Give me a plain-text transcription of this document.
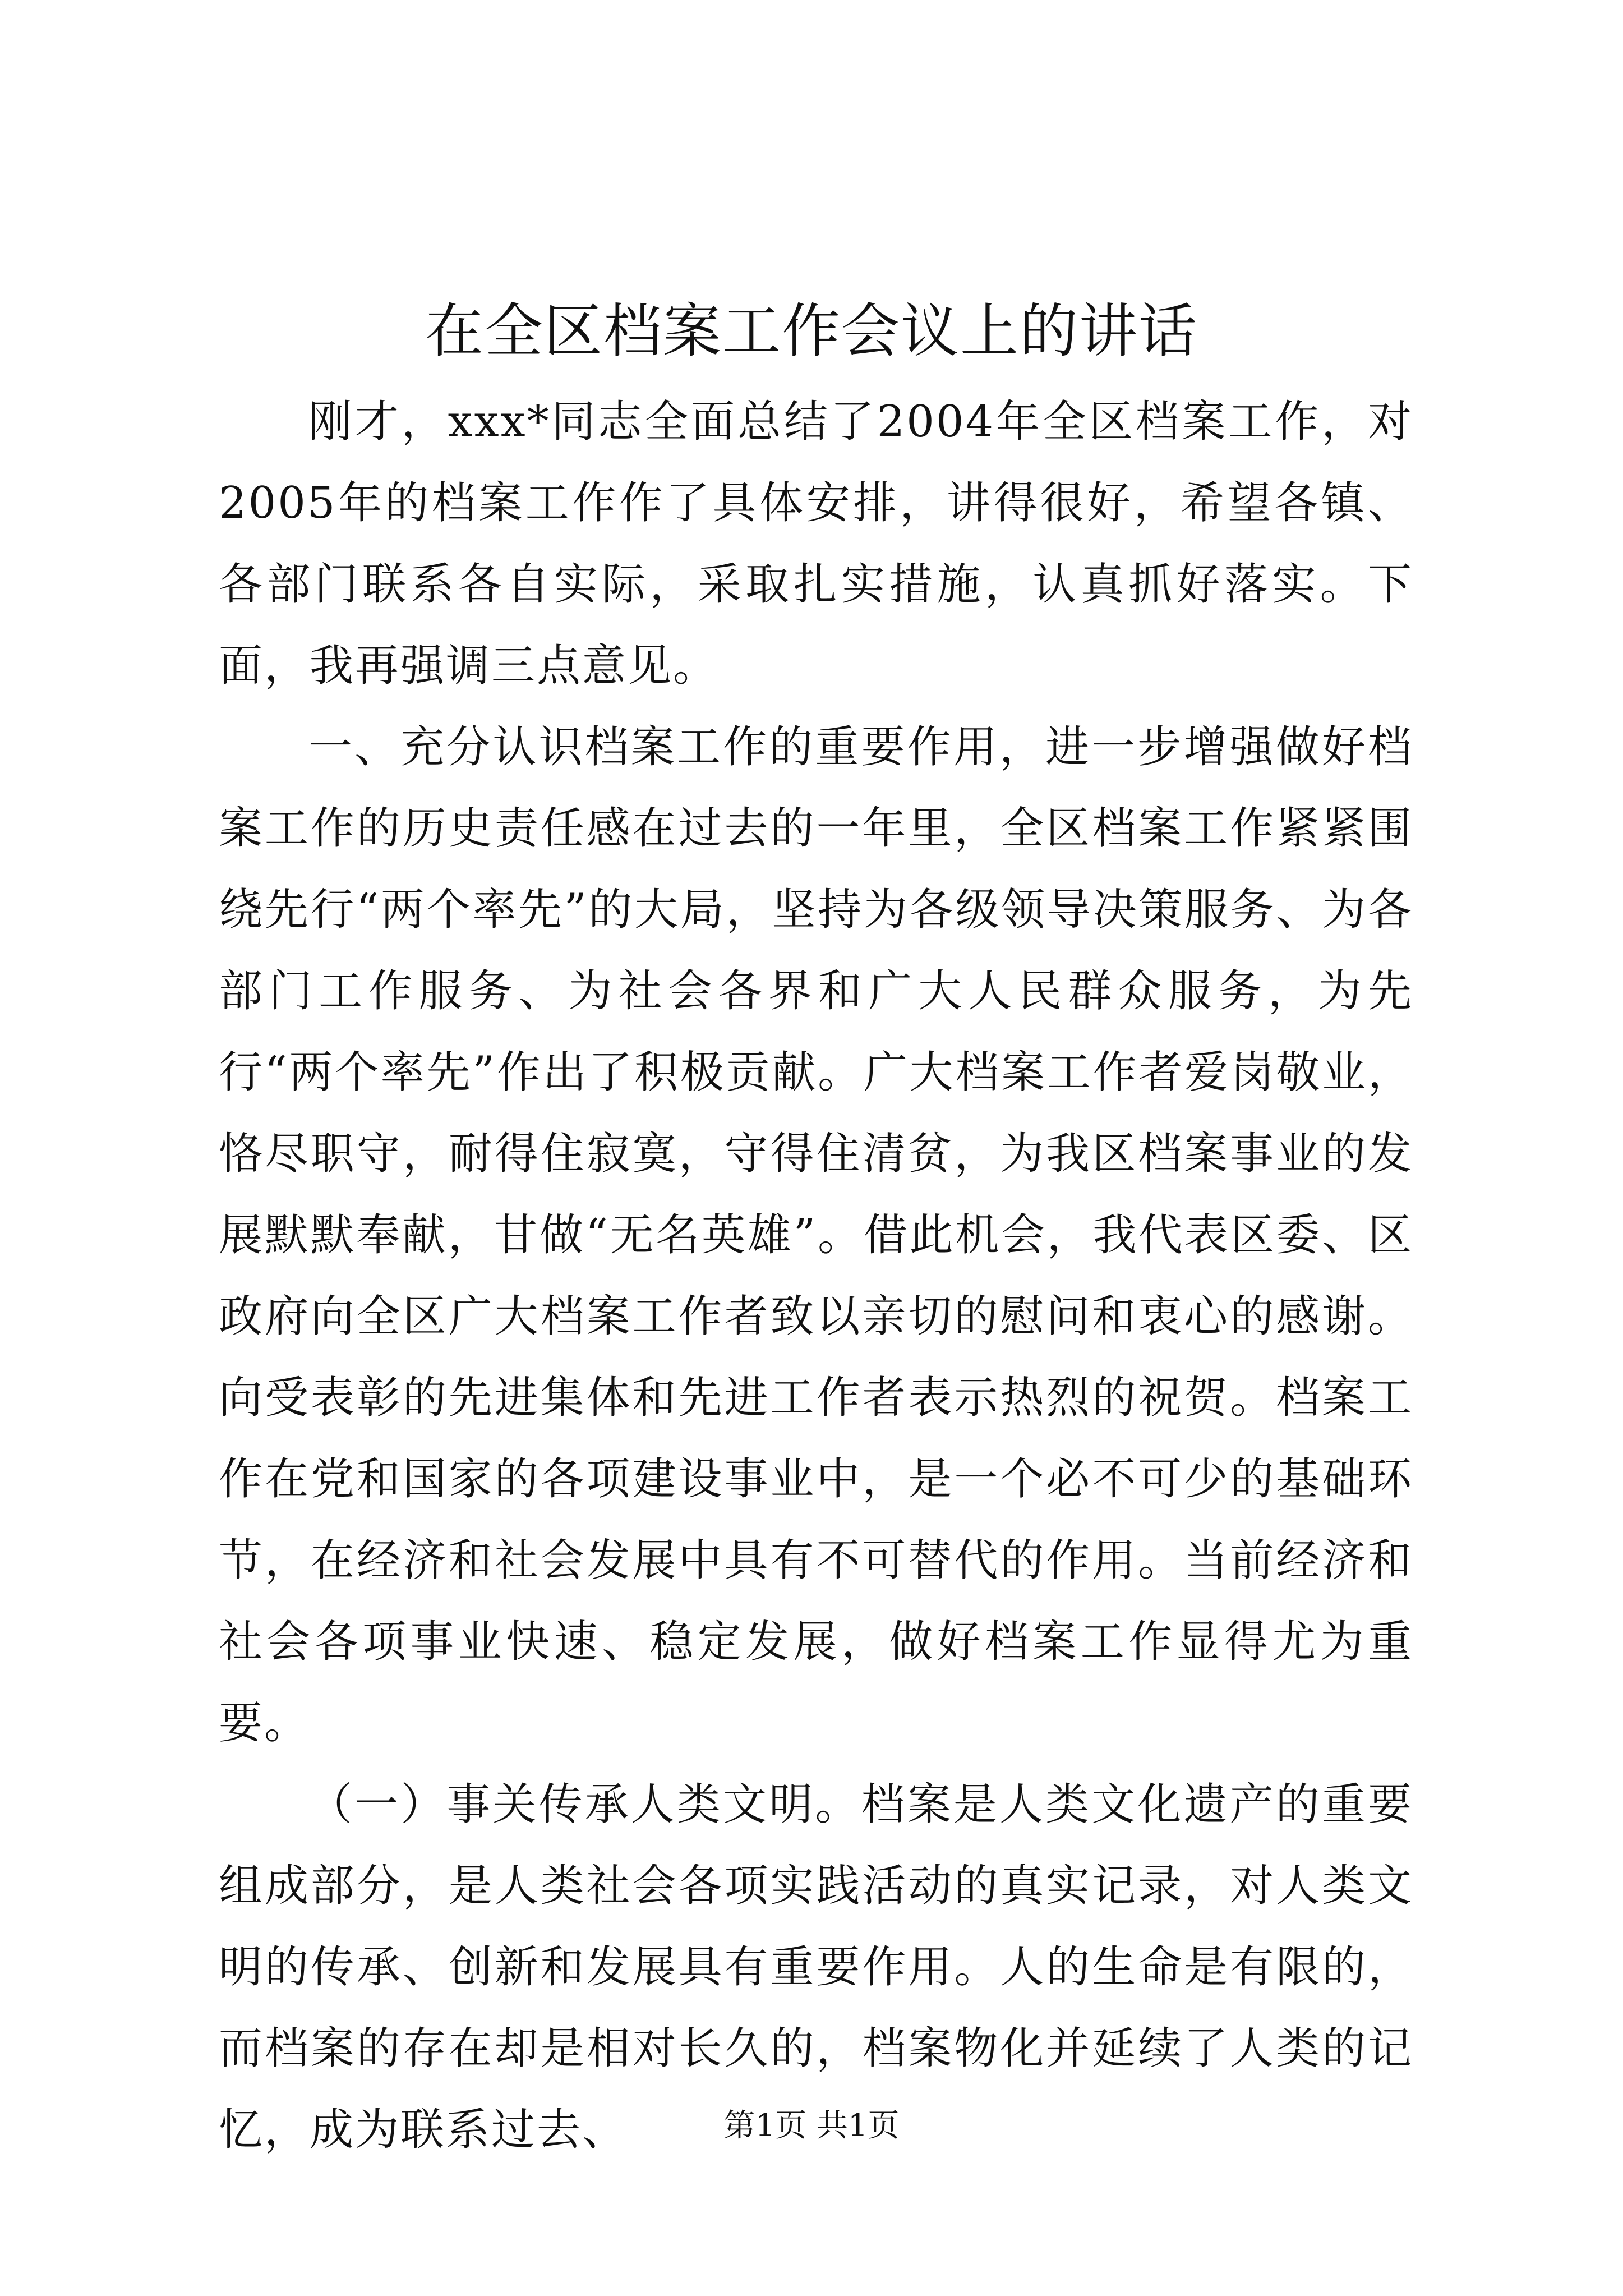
在全区档案工作会议上的讲话

刚才，xxx*同志全面总结了2004年全区档案工作，对2005年的档案工作作了具体安排，讲得很好，希望各镇、各部门联系各自实际，采取扎实措施，认真抓好落实。下面，我再强调三点意见。

一、充分认识档案工作的重要作用，进一步增强做好档案工作的历史责任感在过去的一年里，全区档案工作紧紧围绕先行“两个率先”的大局，坚持为各级领导决策服务、为各部门工作服务、为社会各界和广大人民群众服务，为先行“两个率先”作出了积极贡献。广大档案工作者爱岗敬业，恪尽职守，耐得住寂寞，守得住清贫，为我区档案事业的发展默默奉献，甘做“无名英雄”。借此机会，我代表区委、区政府向全区广大档案工作者致以亲切的慰问和衷心的感谢。向受表彰的先进集体和先进工作者表示热烈的祝贺。档案工作在党和国家的各项建设事业中，是一个必不可少的基础环节，在经济和社会发展中具有不可替代的作用。当前经济和社会各项事业快速、稳定发展，做好档案工作显得尤为重要。

（一）事关传承人类文明。档案是人类文化遗产的重要组成部分，是人类社会各项实践活动的真实记录，对人类文明的传承、创新和发展具有重要作用。人的生命是有限的，而档案的存在却是相对长久的，档案物化并延续了人类的记忆，成为联系过去、	第1页 共1页
